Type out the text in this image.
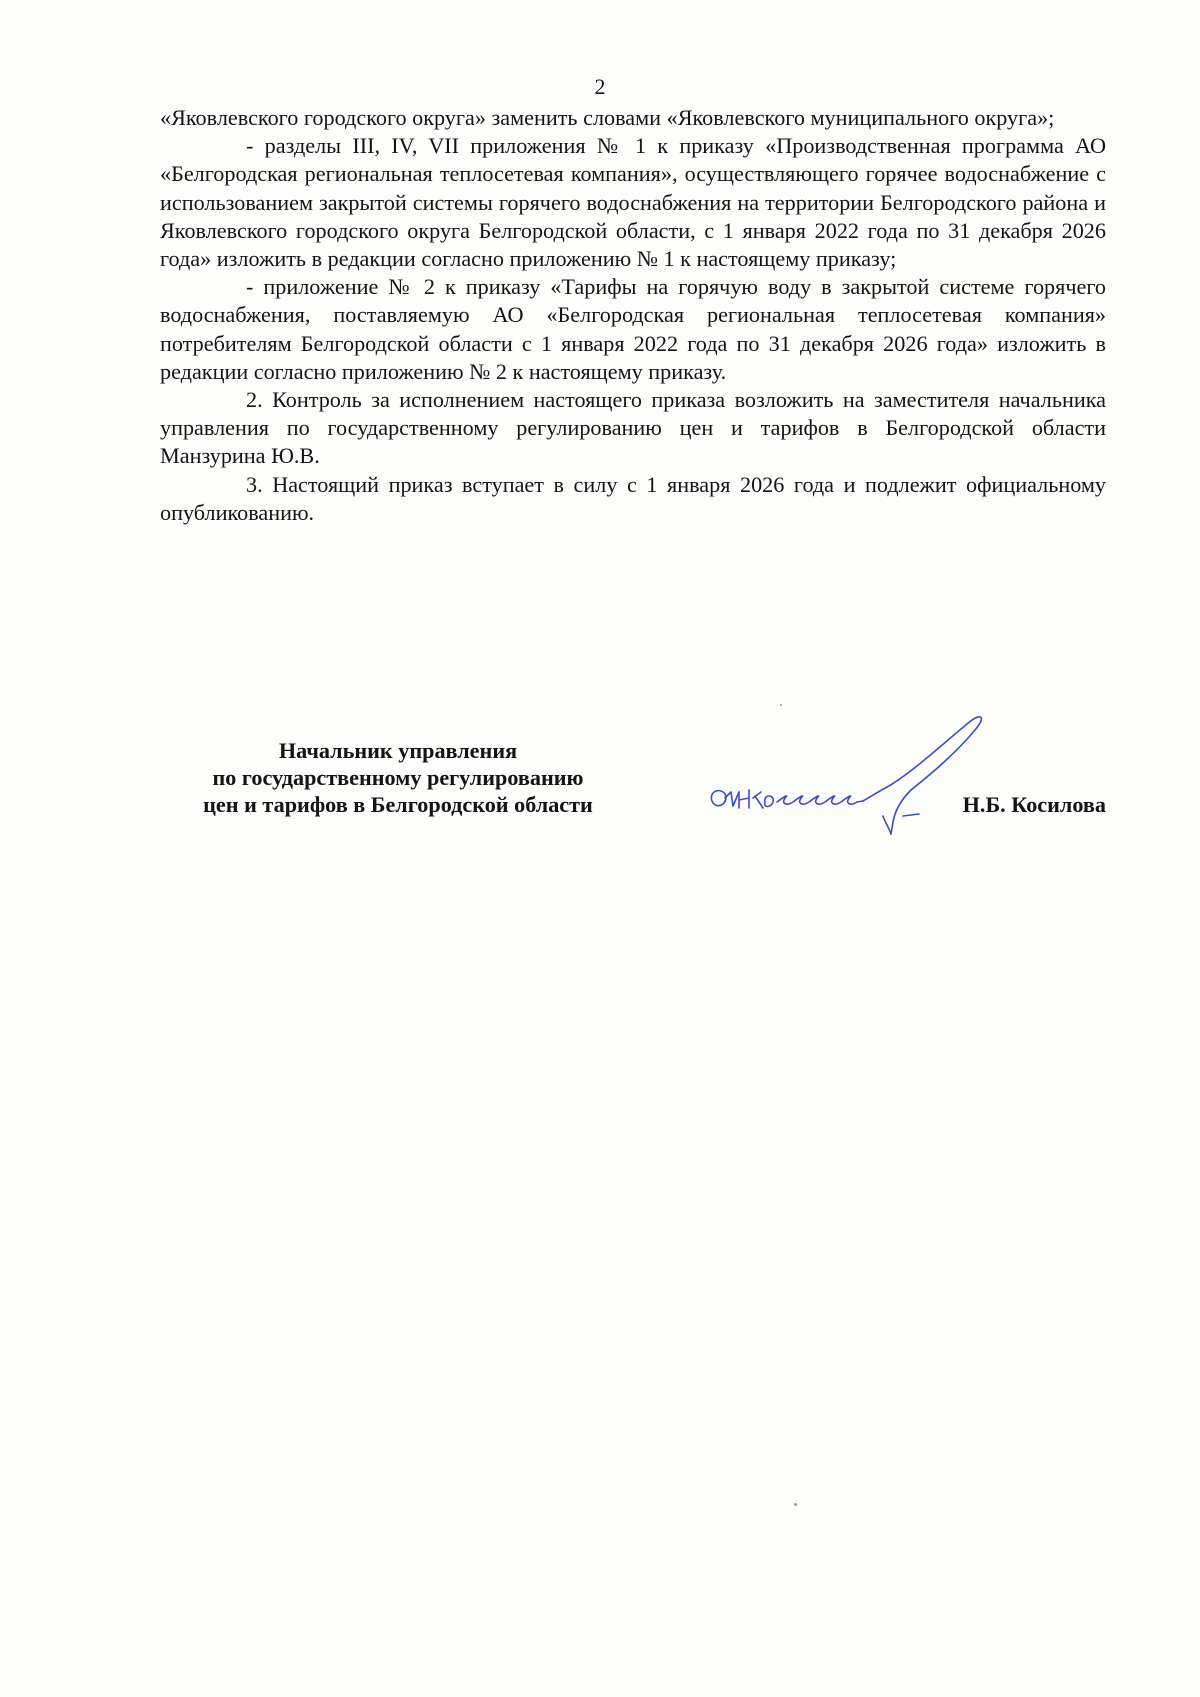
2

«Яковлевского городского округа» заменить словами «Яковлевского муниципального округа»;

- разделы III, IV, VII приложения № 1 к приказу «Производственная программа АО «Белгородская региональная теплосетевая компания», осуществляющего горячее водоснабжение с использованием закрытой системы горячего водоснабжения на территории Белгородского района и Яковлевского городского округа Белгородской области, с 1 января 2022 года по 31 декабря 2026 года» изложить в редакции согласно приложению № 1 к настоящему приказу;

- приложение № 2 к приказу «Тарифы на горячую воду в закрытой системе горячего водоснабжения, поставляемую АО «Белгородская региональная теплосетевая компания» потребителям Белгородской области с 1 января 2022 года по 31 декабря 2026 года» изложить в редакции согласно приложению № 2 к настоящему приказу.

2. Контроль за исполнением настоящего приказа возложить на заместителя начальника управления по государственному регулированию цен и тарифов в Белгородской области Манзурина Ю.В.

3. Настоящий приказ вступает в силу с 1 января 2026 года и подлежит официальному опубликованию.

Начальник управления
по государственному регулированию
цен и тарифов в Белгородской области	Н.Б. Косилова
